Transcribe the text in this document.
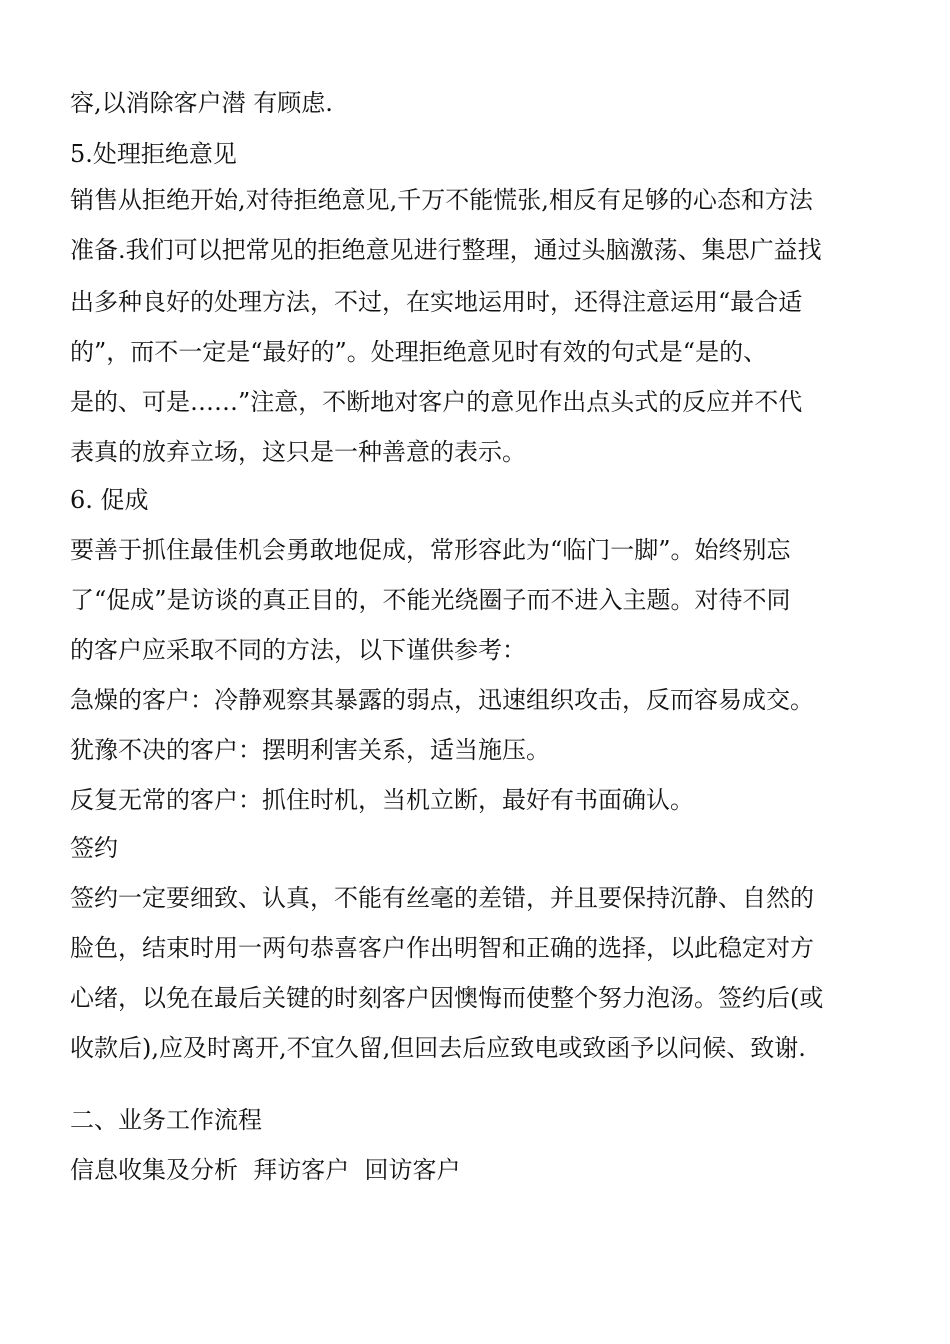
容,以消除客户潜 有顾虑.
5.处理拒绝意见
销售从拒绝开始,对待拒绝意见,千万不能慌张,相反有足够的心态和方法
准备.我们可以把常见的拒绝意见进行整理，通过头脑激荡、集思广益找
出多种良好的处理方法，不过，在实地运用时，还得注意运用“最合适
的”，而不一定是“最好的”。处理拒绝意见时有效的句式是“是的、
是的、可是……”注意，不断地对客户的意见作出点头式的反应并不代
表真的放弃立场，这只是一种善意的表示。
6. 促成
要善于抓住最佳机会勇敢地促成，常形容此为“临门一脚”。始终别忘
了“促成”是访谈的真正目的，不能光绕圈子而不进入主题。对待不同
的客户应采取不同的方法，以下谨供参考：
急燥的客户：冷静观察其暴露的弱点，迅速组织攻击，反而容易成交。
犹豫不决的客户：摆明利害关系，适当施压。
反复无常的客户：抓住时机，当机立断，最好有书面确认。
签约
签约一定要细致、认真，不能有丝毫的差错，并且要保持沉静、自然的
脸色，结束时用一两句恭喜客户作出明智和正确的选择，以此稳定对方
心绪，以免在最后关键的时刻客户因懊悔而使整个努力泡汤。签约后(或
收款后),应及时离开,不宜久留,但回去后应致电或致函予以问候、致谢.
二、业务工作流程
信息收集及分析  拜访客户  回访客户
